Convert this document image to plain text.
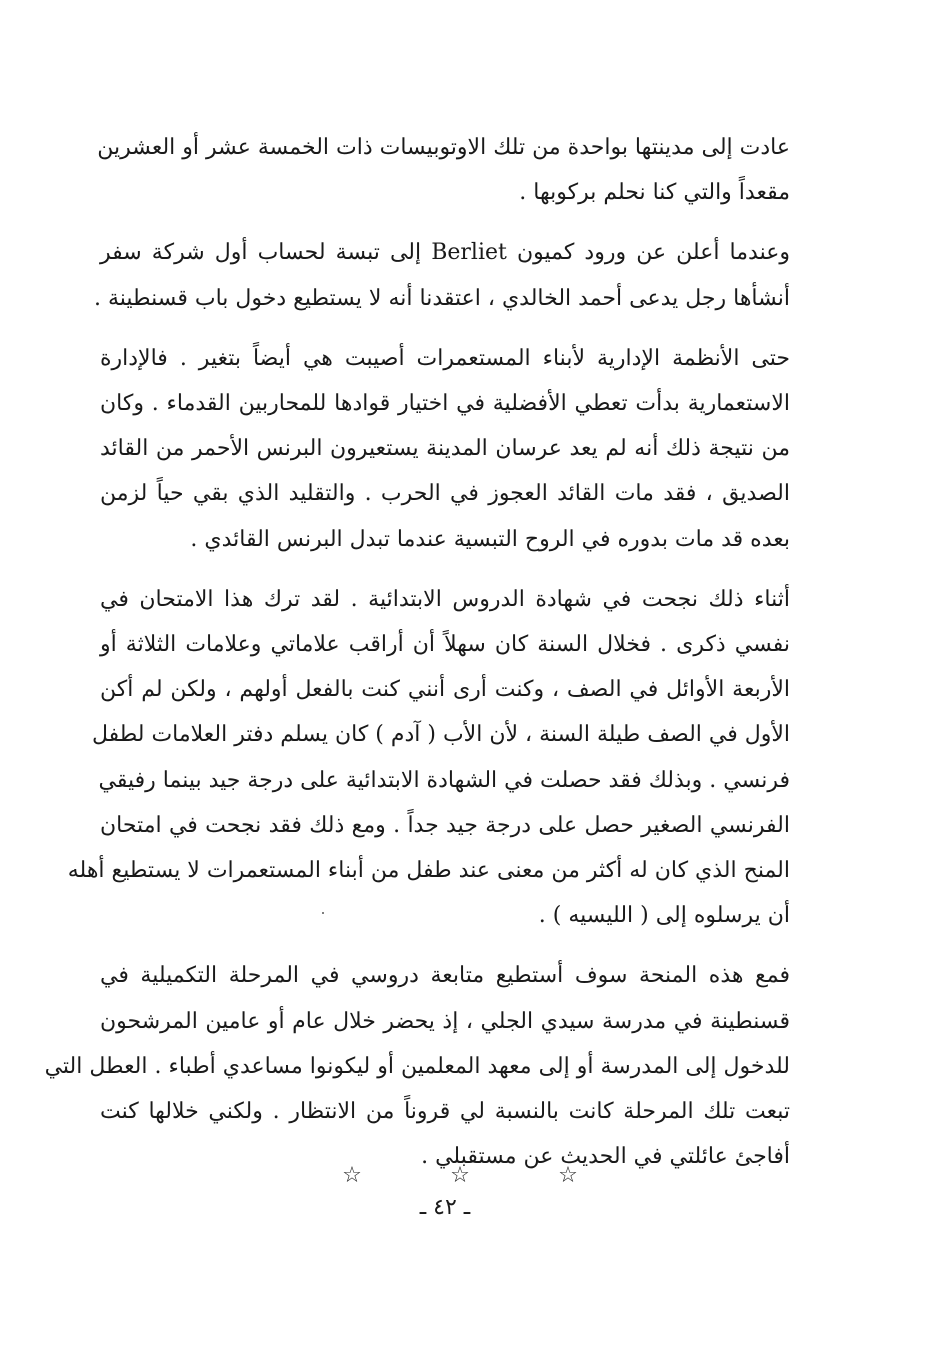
عادت إلى مدينتها بواحدة من تلك الاوتوبيسات ذات الخمسة عشر أو العشرين
مقعداً والتي كنا نحلم بركوبها .

وعندما أعلن عن ورود كميون Berliet إلى تبسة لحساب أول شركة سفر
أنشأها رجل يدعى أحمد الخالدي ، اعتقدنا أنه لا يستطيع دخول باب قسنطينة .

حتى الأنظمة الإدارية لأبناء المستعمرات أصيبت هي أيضاً بتغير . فالإدارة
الاستعمارية بدأت تعطي الأفضلية في اختيار قوادها للمحاربين القدماء . وكان
من نتيجة ذلك أنه لم يعد عرسان المدينة يستعيرون البرنس الأحمر من القائد
الصديق ، فقد مات القائد العجوز في الحرب . والتقليد الذي بقي حياً لزمن
بعده قد مات بدوره في الروح التبسية عندما تبدل البرنس القائدي .

أثناء ذلك نجحت في شهادة الدروس الابتدائية . لقد ترك هذا الامتحان في
نفسي ذكرى . فخلال السنة كان سهلاً أن أراقب علاماتي وعلامات الثلاثة أو
الأربعة الأوائل في الصف ، وكنت أرى أنني كنت بالفعل أولهم ، ولكن لم أكن
الأول في الصف طيلة السنة ، لأن الأب ( آدم ) كان يسلم دفتر العلامات لطفل
فرنسي . وبذلك فقد حصلت في الشهادة الابتدائية على درجة جيد بينما رفيقي
الفرنسي الصغير حصل على درجة جيد جداً . ومع ذلك فقد نجحت في امتحان
المنح الذي كان له أكثر من معنى عند طفل من أبناء المستعمرات لا يستطيع أهله
أن يرسلوه إلى ( الليسيه ) .

فمع هذه المنحة سوف أستطيع متابعة دروسي في المرحلة التكميلية في
قسنطينة في مدرسة سيدي الجلي ، إذ يحضر خلال عام أو عامين المرشحون
للدخول إلى المدرسة أو إلى معهد المعلمين أو ليكونوا مساعدي أطباء . العطل التي
تبعت تلك المرحلة كانت بالنسبة لي قروناً من الانتظار . ولكني خلالها كنت
أفاجئ عائلتي في الحديث عن مستقبلي .

☆	☆	☆
ـ ٤٢ ـ
